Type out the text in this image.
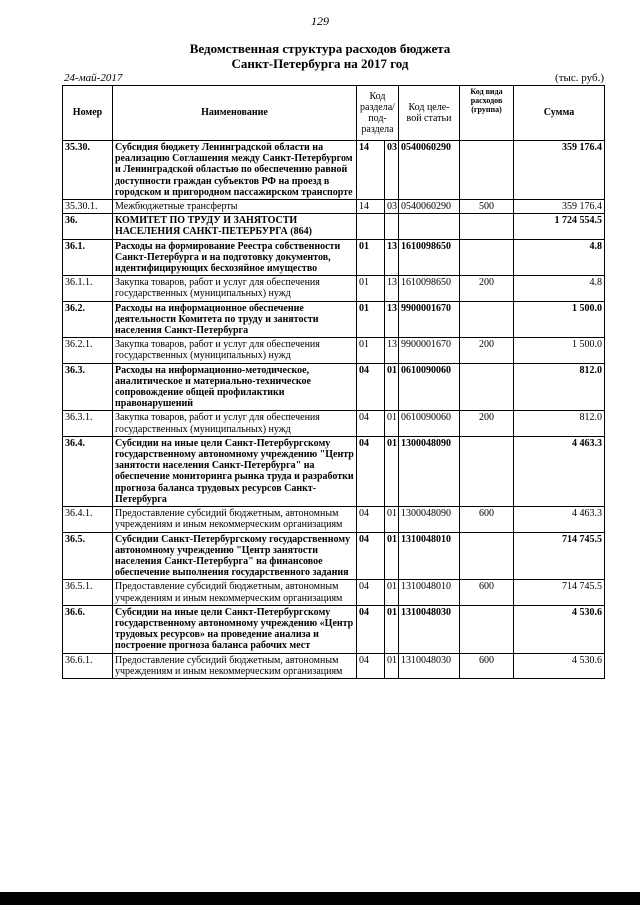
129
Ведомственная структура расходов бюджета
Санкт-Петербурга на 2017 год
24-май-2017	(тыс. руб.)
Номер	Наименование	Код раздела/ под-раздела		Код целе-вой статьи	Код вида расходов (группа)	Сумма
35.30.	Субсидия бюджету Ленинградской области на реализацию Соглашения между Санкт-Петербургом и Ленинградской областью по обеспечению равной доступности граждан субъектов РФ на проезд в городском и пригородном пассажирском транспорте	14	03	0540060290		359 176.4
35.30.1.	Межбюджетные трансферты	14	03	0540060290	500	359 176.4
36.	КОМИТЕТ ПО ТРУДУ И ЗАНЯТОСТИ НАСЕЛЕНИЯ САНКТ-ПЕТЕРБУРГА (864)					1 724 554.5
36.1.	Расходы на формирование Реестра собственности Санкт-Петербурга и на подготовку документов, идентифицирующих бесхозяйное имущество	01	13	1610098650		4.8
36.1.1.	Закупка товаров, работ и услуг для обеспечения государственных (муниципальных) нужд	01	13	1610098650	200	4.8
36.2.	Расходы на информационное обеспечение деятельности Комитета по труду и занятости населения Санкт-Петербурга	01	13	9900001670		1 500.0
36.2.1.	Закупка товаров, работ и услуг для обеспечения государственных (муниципальных) нужд	01	13	9900001670	200	1 500.0
36.3.	Расходы на информационно-методическое, аналитическое и материально-техническое сопровождение общей профилактики правонарушений	04	01	0610090060		812.0
36.3.1.	Закупка товаров, работ и услуг для обеспечения государственных (муниципальных) нужд	04	01	0610090060	200	812.0
36.4.	Субсидии на иные цели Санкт-Петербургскому государственному автономному учреждению "Центр занятости населения Санкт-Петербурга" на обеспечение мониторинга рынка труда и разработки прогноза баланса трудовых ресурсов Санкт-Петербурга	04	01	1300048090		4 463.3
36.4.1.	Предоставление субсидий бюджетным, автономным учреждениям и иным некоммерческим организациям	04	01	1300048090	600	4 463.3
36.5.	Субсидии Санкт-Петербургскому государственному автономному учреждению "Центр занятости населения Санкт-Петербурга" на финансовое обеспечение выполнения государственного задания	04	01	1310048010		714 745.5
36.5.1.	Предоставление субсидий бюджетным, автономным учреждениям и иным некоммерческим организациям	04	01	1310048010	600	714 745.5
36.6.	Субсидии на иные цели Санкт-Петербургскому государственному автономному учреждению «Центр трудовых ресурсов» на проведение анализа и построение прогноза баланса рабочих мест	04	01	1310048030		4 530.6
36.6.1.	Предоставление субсидий бюджетным, автономным учреждениям и иным некоммерческим организациям	04	01	1310048030	600	4 530.6
